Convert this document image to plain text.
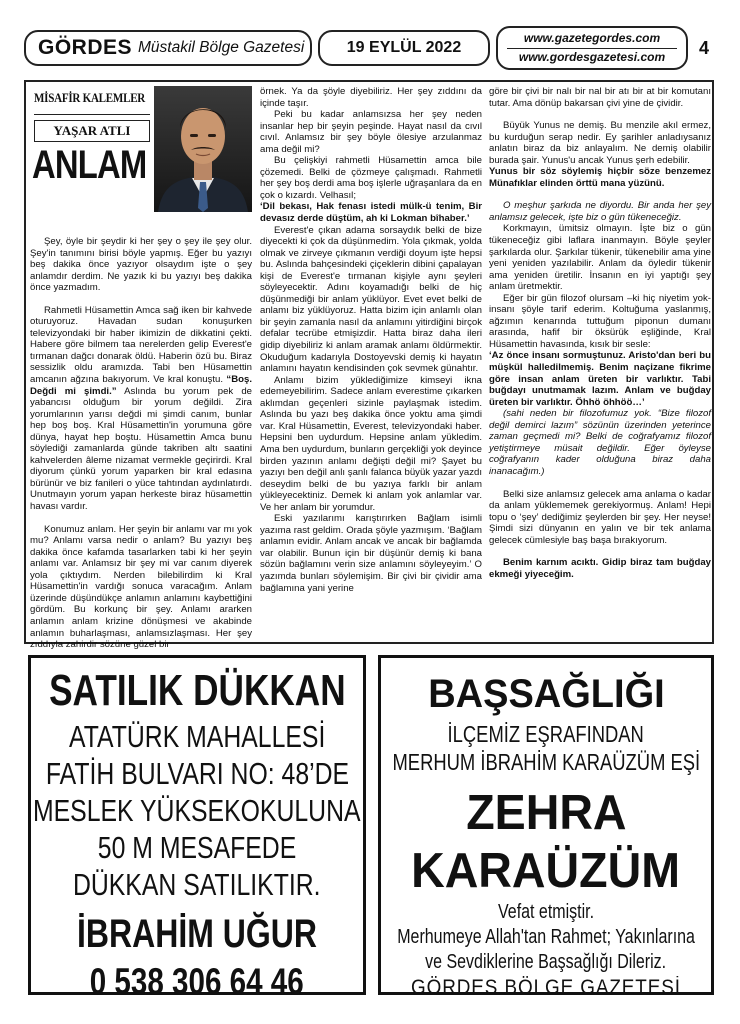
GÖRDES Müstakil Bölge Gazetesi	19 EYLÜL 2022
www.gazetegordes.com
www.gordesgazetesi.com	4
MİSAFİR KALEMLER
YAŞAR ATLI
ANLAM

Şey, öyle bir şeydir ki her şey o şey ile şey olur. Şey'in tanımını birisi böyle yapmış. Eğer bu yazıyı beş dakika önce yazıyor olsaydım işte o şey anlamdır derdim. Ne yazık ki bu yazıyı beş dakika önce yazmadım.

Rahmetli Hüsamettin Amca sağ iken bir kahvede oturuyoruz. Havadan sudan konuşurken televizyondaki bir haber ikimizin de dikkatini çekti. Habere göre bilmem taa nerelerden gelip Everest'e tırmanan dağcı donarak öldü. Haberin özü bu. Biraz sessizlik oldu aramızda. Tabi ben Hüsamettin amcanın ağzına bakıyorum. Ve kral konuştu. “Boş. Değdi mi şimdi.” Aslında bu yorum pek de yabancısı olduğum bir yorum değildi. Zira yorumlarının yarısı değdi mi şimdi canım, bunlar hep boş boş. Kral Hüsamettin'in yorumuna göre dünya, hayat hep boştu. Hüsamettin Amca bunu söylediği zamanlarda günde takriben altı saatini kahvelerden âleme nizamat vermekle geçirirdi. Kral diyorum çünkü yorum yaparken bir kral edasına bürünür ve biz fanileri o yüce tahtından aydınlatırdı. Unutmayın yorum yapan herkeste biraz hüsamettin havası vardır.

Konumuz anlam. Her şeyin bir anlamı var mı yok mu? Anlamı varsa nedir o anlam? Bu yazıyı beş dakika önce kafamda tasarlarken tabi ki her şeyin anlamı var. Anlamsız bir şey mi var canım diyerek yola çıktıydım. Nerden bilebilirdim ki Kral Hüsamettin'in vardığı sonuca varacağım. Anlam üzerinde düşündükçe anlamın anlamını kaybettiğini gördüm. Bu korkunç bir şey. Anlamı ararken anlamın anlam krizine dönüşmesi ve akabinde anlamın buharlaşması, anlamsızlaşması. Her şey zıddıyla zahirdir sözüne güzel bir

örnek. Ya da şöyle diyebiliriz. Her şey zıddını da içinde taşır.

Peki bu kadar anlamsızsa her şey neden insanlar hep bir şeyin peşinde. Hayat nasıl da cıvıl cıvıl. Anlamsız bir şey böyle ölesiye arzulanmaz ama değil mi?

Bu çelişkiyi rahmetli Hüsamettin amca bile çözemedi. Belki de çözmeye çalışmadı. Rahmetli her şey boş derdi ama boş işlerle uğraşanlara da en çok o kızardı. Velhasıl;

‘Dil bekası, Hak fenası istedi mülk-ü tenim, Bir devasız derde düştüm, ah ki Lokman bîhaber.’

Everest'e çıkan adama sorsaydık belki de bize diyecekti ki çok da düşünmedim. Yola çıkmak, yolda olmak ve zirveye çıkmanın verdiği doyum işte hepsi bu. Aslında bahçesindeki çiçeklerin dibini çapalayan kişi de Everest'e tırmanan kişiyle aynı şeyleri söyleyecektir. Adını koyamadığı belki de hiç düşünmediği bir anlam yüklüyor. Evet evet belki de anlamı biz yüklüyoruz. Hatta bizim için anlamlı olan bir şeyin zamanla nasıl da anlamını yitirdiğini birçok defalar tecrübe etmişizdir. Hatta biraz daha ileri gidip diyebiliriz ki anlam aramak anlamı öldürmektir. Okuduğum kadarıyla Dostoyevski demiş ki hayatın anlamını hayatın kendisinden çok sevmek günahtır.

Anlamı bizim yüklediğimize kimseyi ikna edemeyebilirim. Sadece anlam everestime çıkarken aklımdan geçenleri sizinle paylaşmak istedim. Aslında bu yazı beş dakika önce yoktu ama şimdi var. Kral Hüsamettin, Everest, televizyondaki haber. Hepsini ben uydurdum. Hepsine anlam yükledim. Ama ben uydurdum, bunların gerçekliği yok deyince birden yazının anlamı değişti değil mi? Şayet bu yazıyı ben değil anlı şanlı falanca büyük yazar yazdı deseydim belki de bu yazıya farklı bir anlam yükleyecektiniz. Demek ki anlam yok anlamlar var. Ve her anlam bir yorumdur.

Eski yazılarımı karıştırırken Bağlam isimli yazıma rast geldim. Orada şöyle yazmışım. ‘Bağlam anlamın evidir. Anlam ancak ve ancak bir bağlamda var olabilir. Bunun için bir düşünür demiş ki bana sözün bağlamını verin size anlamını söyleyeyim.’ O yazımda bunları söylemişim. Bir çivi bir çividir ama bağlamına yani yerine

göre bir çivi bir nalı bir nal bir atı bir at bir komutanı tutar. Ama dönüp bakarsan çivi yine de çividir.

Büyük Yunus ne demiş. Bu menzile akıl ermez, bu kurduğun serap nedir. Ey şarihler anladıysanız anlatın biraz da biz anlayalım. Ne demiş olabilir burada şair. Yunus'u ancak Yunus şerh edebilir.

Yunus bir söz söylemiş hiçbir söze benzemez Münafıklar elinden örttü mana yüzünü.

O meşhur şarkıda ne diyordu. Bir anda her şey anlamsız gelecek, işte biz o gün tükeneceğiz.

Korkmayın, ümitsiz olmayın. İşte biz o gün tükeneceğiz gibi laflara inanmayın. Böyle şeyler şarkılarda olur. Şarkılar tükenir, tükenebilir ama yine yeni yeniden yazılabilir. Anlam da öyledir tükenir ama yeniden üretilir. İnsanın en iyi yaptığı şey anlam üretmektir.

Eğer bir gün filozof olursam –ki hiç niyetim yok- insanı şöyle tarif ederim. Koltuğuma yaslanmış, ağzımın kenarında tuttuğum piponun dumanı arasında, hafif bir öksürük eşliğinde, Kral Hüsamettin havasında, kısık bir sesle:

‘Az önce insanı sormuştunuz. Aristo'dan beri bu müşkül halledilmemiş. Benim naçizane fikrime göre insan anlam üreten bir varlıktır. Tabi buğdayı unutmamak lazım. Anlam ve buğday üreten bir varlıktır. Öhhö öhhöö…’

(sahi neden bir filozofumuz yok. “Bize filozof değil demirci lazım” sözünün üzerinden yeterince zaman geçmedi mi? Belki de coğrafyamız filozof yetiştirmeye müsait değildir. Eğer öyleyse coğrafyanın kader olduğuna biraz daha inanacağım.)

Belki size anlamsız gelecek ama anlama o kadar da anlam yüklememek gerekiyormuş. Anlam! Hepi topu o ‘şey’ dediğimiz şeylerden bir şey. Her neyse! Şimdi sizi dünyanın en yalın ve bir tek anlama gelecek cümlesiyle baş başa bırakıyorum.

Benim karnım acıktı. Gidip biraz tam buğday ekmeği yiyeceğim.

SATILIK DÜKKAN
ATATÜRK MAHALLESİ
FATİH BULVARI NO: 48’DE
MESLEK YÜKSEKOKULUNA
50 M MESAFEDE
DÜKKAN SATILIKTIR.
İBRAHİM UĞUR
0 538 306 64 46
BAŞSAĞLIĞI
İLÇEMİZ EŞRAFINDAN
MERHUM İBRAHİM KARAÜZÜM EŞİ
ZEHRA
KARAÜZÜM
Vefat etmiştir.
Merhumeye Allah'tan Rahmet; Yakınlarına
ve Sevdiklerine Başsağlığı Dileriz.
GÖRDES BÖLGE GAZETESİ
